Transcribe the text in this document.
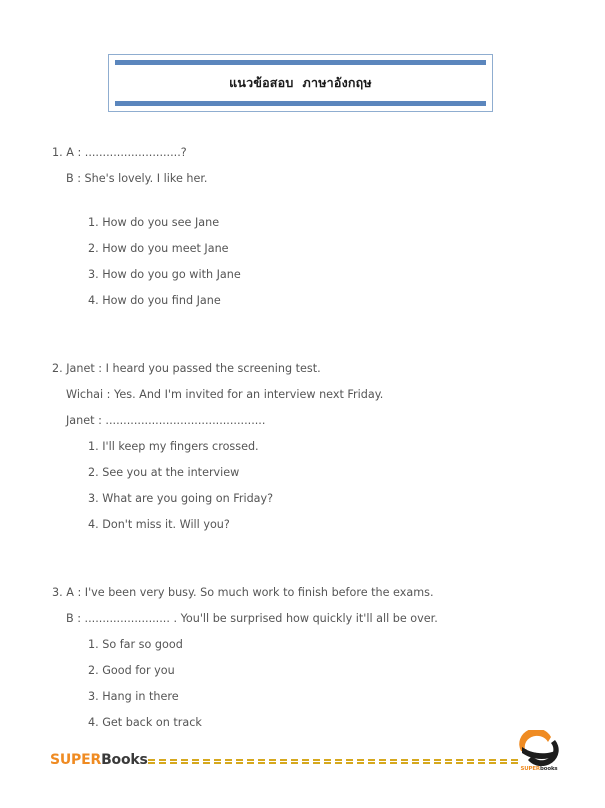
แนวข้อสอบ  ภาษาอังกฤษ
1. A : ...........................?
B : She's lovely. I like her.
1. How do you see Jane
2. How do you meet Jane
3. How do you go with Jane
4. How do you find Jane
2. Janet : I heard you passed the screening test.
Wichai : Yes. And I'm invited for an interview next Friday.
Janet : .............................................
1. I'll keep my fingers crossed.
2. See you at the interview
3. What are you going on Friday?
4. Don't miss it. Will you?
3. A : I've been very busy. So much work to finish before the exams.
B : ........................ . You'll be surprised how quickly it'll all be over.
1. So far so good
2. Good for you
3. Hang in there
4. Get back on track
SUPERBooks
SUPERbooks
